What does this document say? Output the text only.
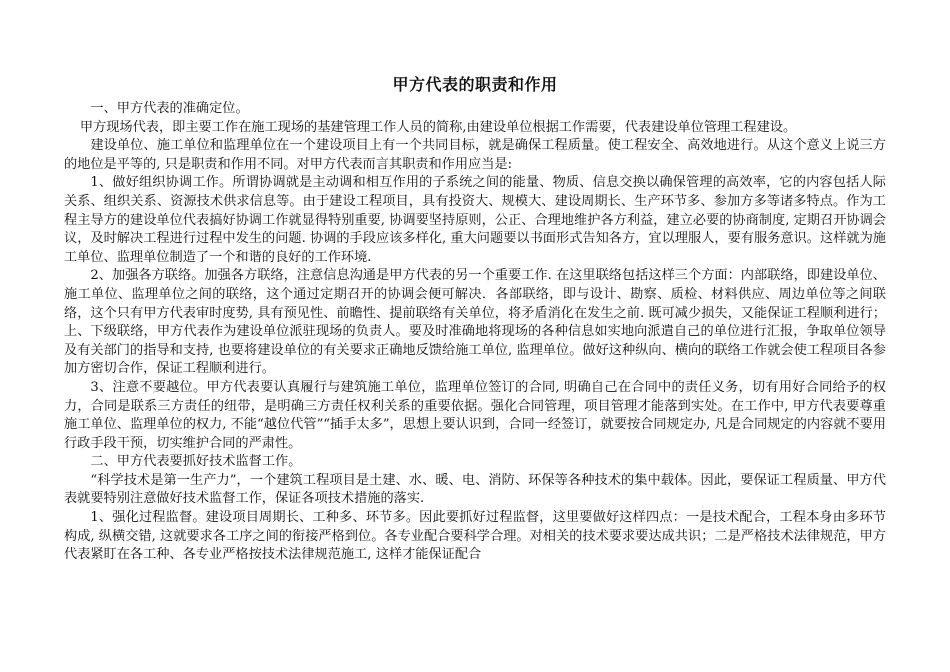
甲方代表的职责和作用

一、甲方代表的准确定位。

甲方现场代表，即主要工作在施工现场的基建管理工作人员的简称,由建设单位根据工作需要，代表建设单位管理工程建设。

建设单位、施工单位和监理单位在一个建设项目上有一个共同目标，就是确保工程质量。使工程安全、高效地进行。从这个意义上说三方的地位是平等的, 只是职责和作用不同。对甲方代表而言其职责和作用应当是:

1、做好组织协调工作。所谓协调就是主动调和相互作用的子系统之间的能量、物质、信息交换以确保管理的高效率，它的内容包括人际关系、组织关系、资源技术供求信息等。由于建设工程项目，具有投资大、规模大、建设周期长、生产环节多、参加方多等诸多特点。作为工程主导方的建设单位代表搞好协调工作就显得特别重要, 协调要坚持原则，公正、合理地维护各方利益，建立必要的协商制度, 定期召开协调会议，及时解决工程进行过程中发生的问题. 协调的手段应该多样化, 重大问题要以书面形式告知各方，宜以理服人，要有服务意识。这样就为施工单位、监理单位制造了一个和谐的良好的工作环境.

2、加强各方联络。加强各方联络，注意信息沟通是甲方代表的另一个重要工作. 在这里联络包括这样三个方面：内部联络，即建设单位、施工单位、监理单位之间的联络，这个通过定期召开的协调会便可解决．各部联络，即与设计、勘察、质检、材料供应、周边单位等之间联络，这个只有甲方代表审时度势, 具有预见性、前瞻性、提前联络有关单位，将矛盾消化在发生之前. 既可减少损失，又能保证工程顺利进行；上、下级联络，甲方代表作为建设单位派驻现场的负责人。要及时准确地将现场的各种信息如实地向派遣自己的单位进行汇报，争取单位领导及有关部门的指导和支持, 也要将建设单位的有关要求正确地反馈给施工单位, 监理单位。做好这种纵向、横向的联络工作就会使工程项目各参加方密切合作，保证工程顺利进行。

3、注意不要越位。甲方代表要认真履行与建筑施工单位，监理单位签订的合同, 明确自己在合同中的责任义务，切有用好合同给予的权力，合同是联系三方责任的纽带，是明确三方责任权利关系的重要依据。强化合同管理，项目管理才能落到实处。在工作中, 甲方代表要尊重施工单位、监理单位的权力, 不能“越位代管”“插手太多”，思想上要认识到，合同一经签订，就要按合同规定办, 凡是合同规定的内容就不要用行政手段干预，切实维护合同的严肃性。

二、甲方代表要抓好技术监督工作。

“科学技术是第一生产力”，一个建筑工程项目是土建、水、暖、电、消防、环保等各种技术的集中载体。因此，要保证工程质量、甲方代表就要特别注意做好技术监督工作，保证各项技术措施的落实.

1、强化过程监督。建设项目周期长、工种多、环节多。因此要抓好过程监督，这里要做好这样四点：一是技术配合，工程本身由多环节构成, 纵横交错, 这就要求各工序之间的衔接严格到位。各专业配合要科学合理。对相关的技术要求要达成共识；二是严格技术法律规范，甲方代表紧盯在各工种、各专业严格按技术法律规范施工, 这样才能保证配合
